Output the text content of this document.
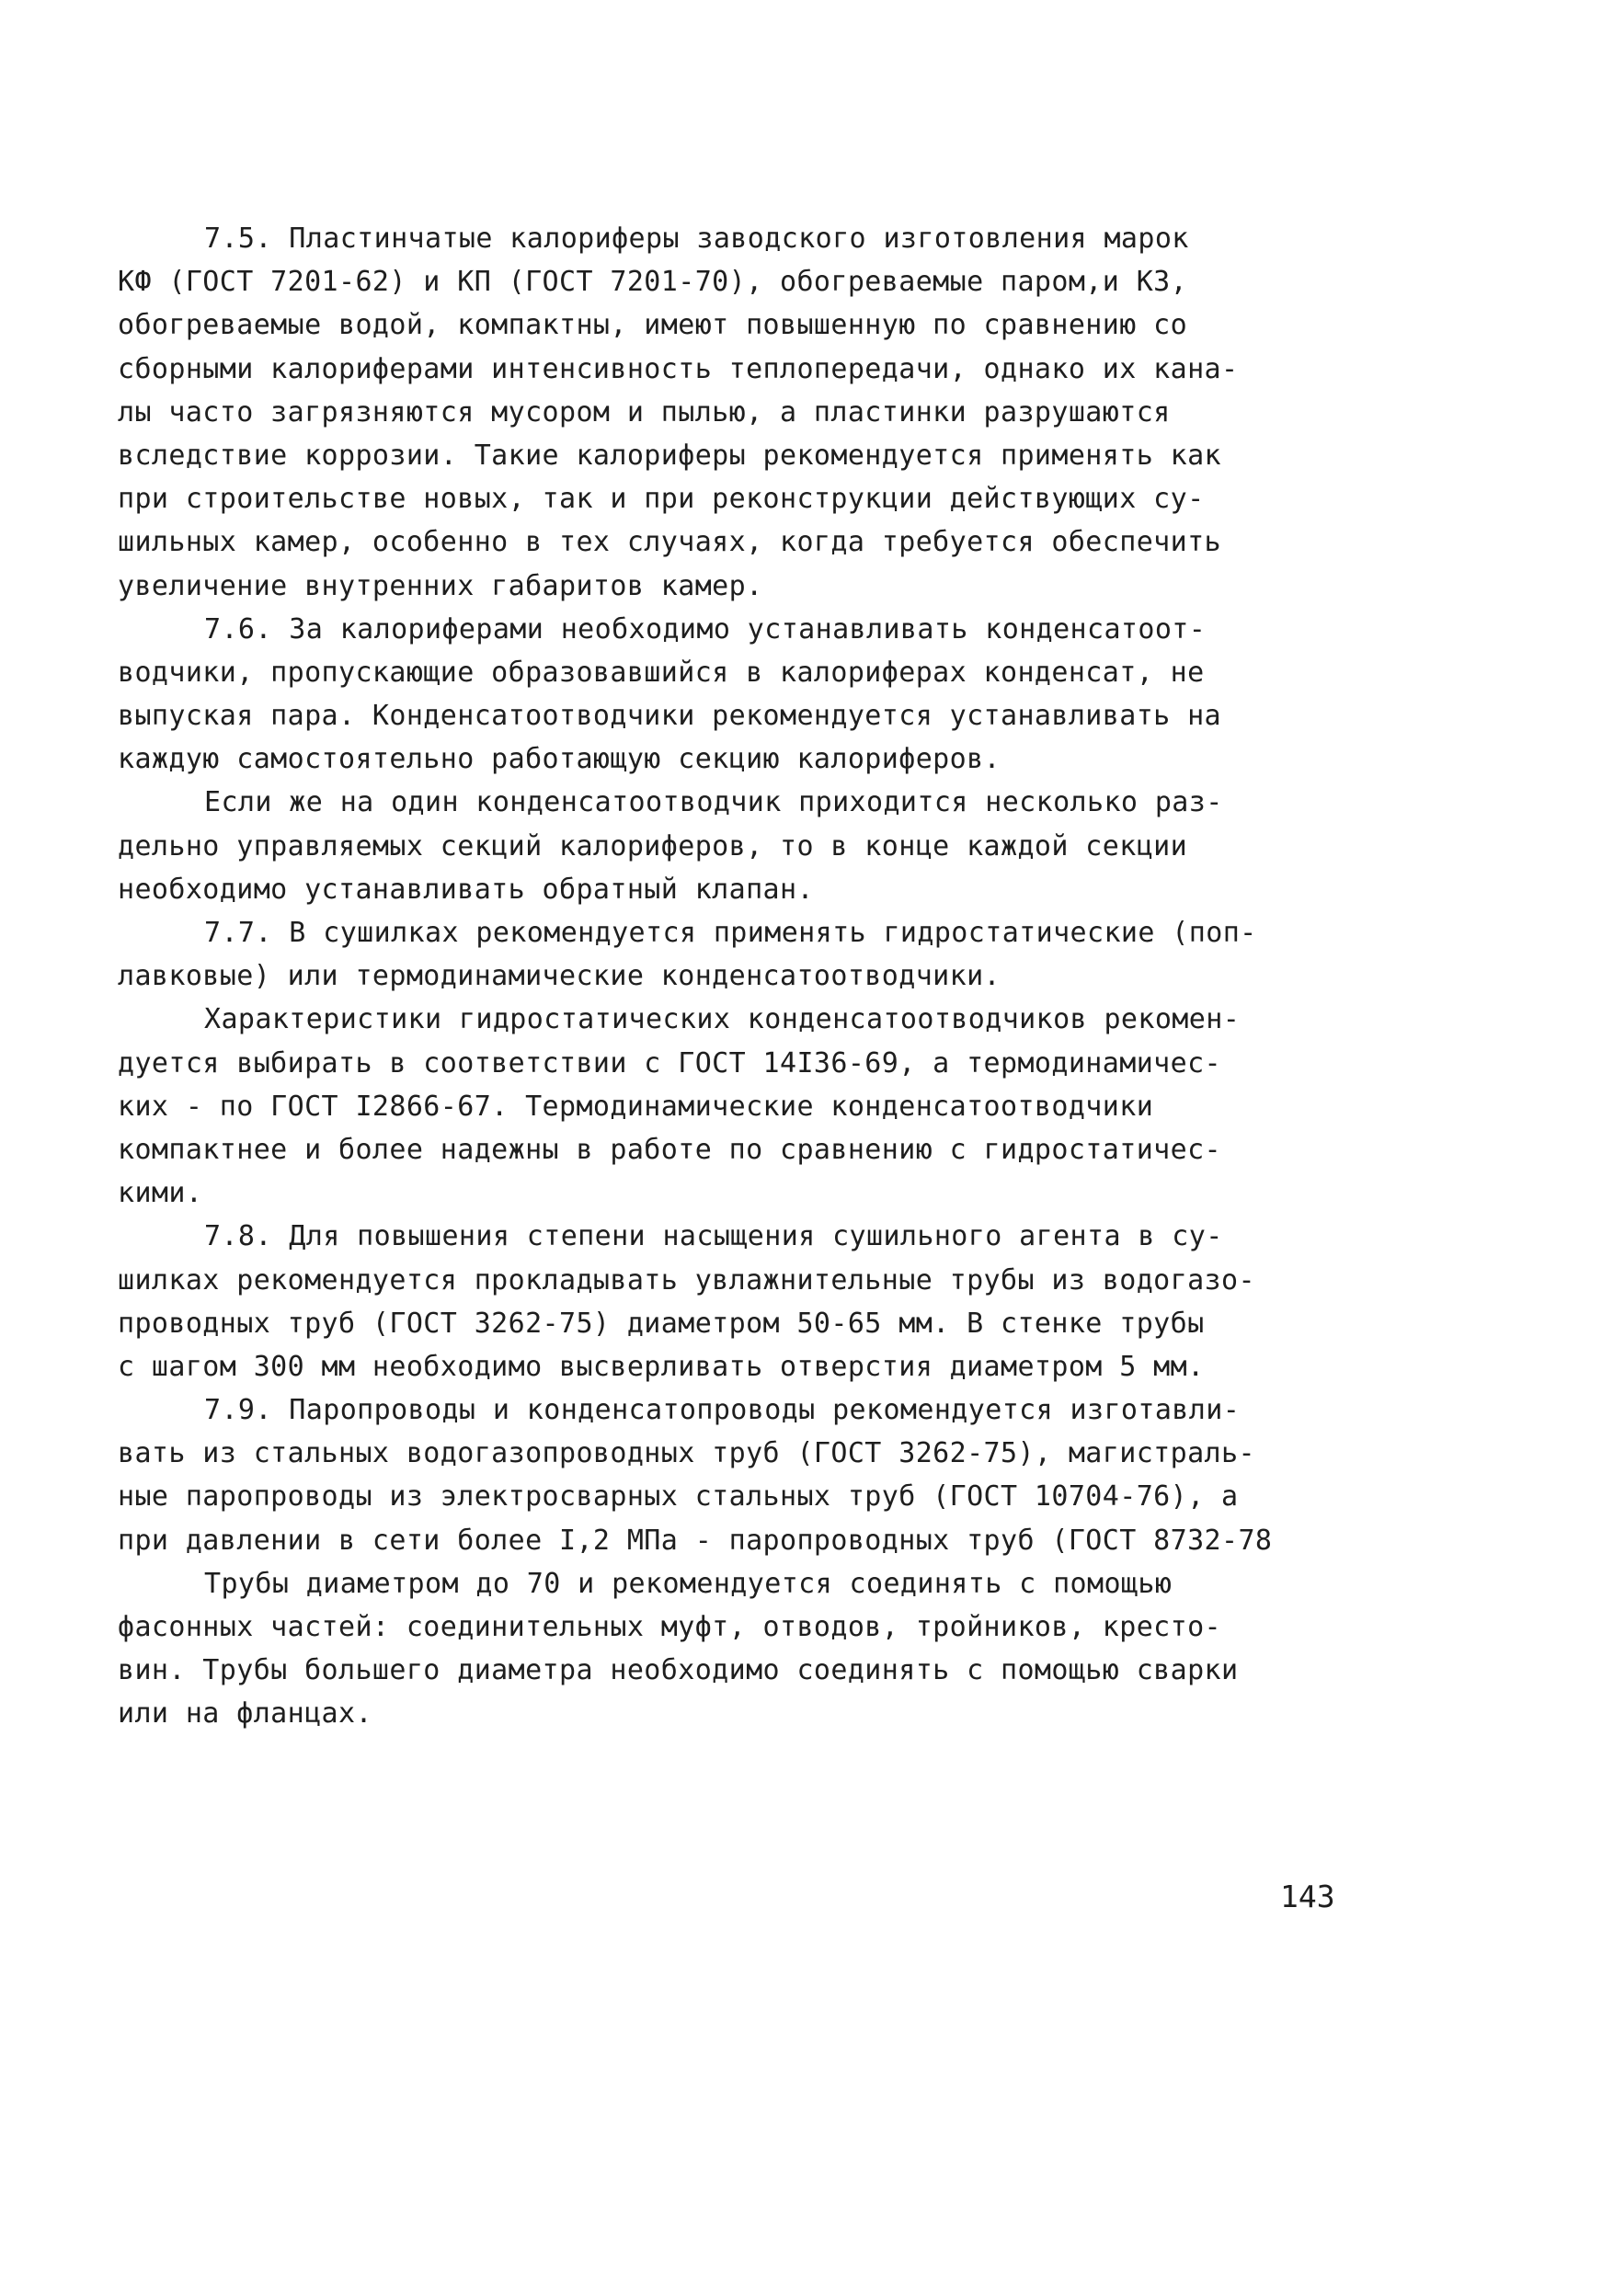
7.5. Пластинчатые калориферы заводского изготовления марок
КФ (ГОСТ 7201-62) и КП (ГОСТ 7201-70), обогреваемые паром,и КЗ,
обогреваемые водой, компактны, имеют повышенную по сравнению со
сборными калориферами интенсивность теплопередачи, однако их кана-
лы часто загрязняются мусором и пылью, а пластинки разрушаются
вследствие коррозии. Такие калориферы рекомендуется применять как
при строительстве новых, так и при реконструкции действующих су-
шильных камер, особенно в тех случаях, когда требуется обеспечить
увеличение внутренних габаритов камер.
7.6. За калориферами необходимо устанавливать конденсатоот-
водчики, пропускающие образовавшийся в калориферах конденсат, не
выпуская пара. Конденсатоотводчики рекомендуется устанавливать на
каждую самостоятельно работающую секцию калориферов.
Если же на один конденсатоотводчик приходится несколько раз-
дельно управляемых секций калориферов, то в конце каждой секции
необходимо устанавливать обратный клапан.
7.7. В сушилках рекомендуется применять гидростатические (поп-
лавковые) или термодинамические конденсатоотводчики.
Характеристики гидростатических конденсатоотводчиков рекомен-
дуется выбирать в соответствии с ГОСТ 14I36-69, а термодинамичес-
ких - по ГОСТ I2866-67. Термодинамические конденсатоотводчики
компактнее и более надежны в работе по сравнению с гидростатичес-
кими.
7.8. Для повышения степени насыщения сушильного агента в су-
шилках рекомендуется прокладывать увлажнительные трубы из водогазо-
проводных труб (ГОСТ 3262-75) диаметром 50-65 мм. В стенке трубы
с шагом 300 мм необходимо высверливать отверстия диаметром 5 мм.
7.9. Паропроводы и конденсатопроводы рекомендуется изготавли-
вать из стальных водогазопроводных труб (ГОСТ 3262-75), магистраль-
ные паропроводы из электросварных стальных труб (ГОСТ 10704-76), а
при давлении в сети более I,2 МПа - паропроводных труб (ГОСТ 8732-78
Трубы диаметром до 70 и рекомендуется соединять с помощью
фасонных частей: соединительных муфт, отводов, тройников, кресто-
вин. Трубы большего диаметра необходимо соединять с помощью сварки
или на фланцах.
143
